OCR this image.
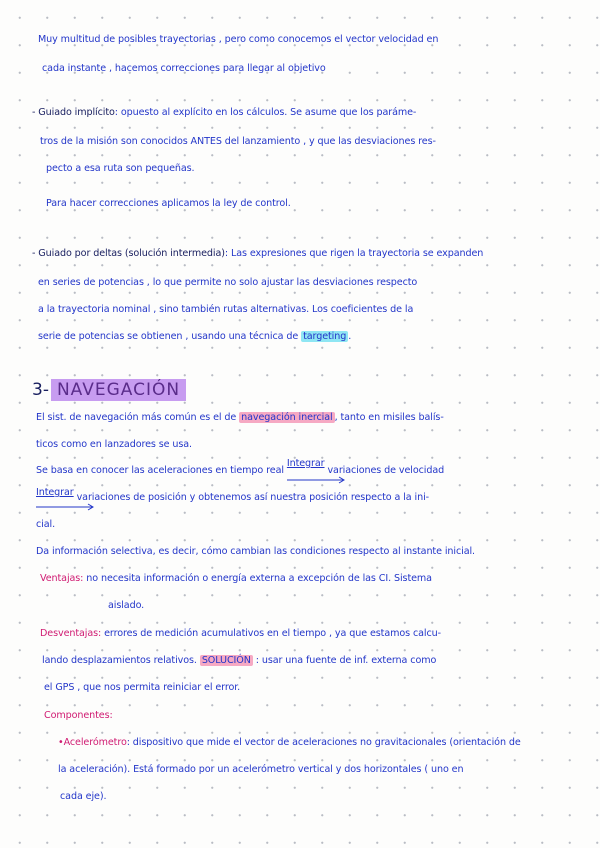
Muy multitud de posibles trayectorias , pero como conocemos el vector velocidad en
cada instante , hacemos correcciones para llegar al objetivo
- Guiado implícito: opuesto al explícito en los cálculos. Se asume que los paráme-
tros de la misión son conocidos ANTES del lanzamiento , y que las desviaciones res-
pecto a esa ruta son pequeñas.
Para hacer correcciones aplicamos la ley de control.
- Guiado por deltas (solución intermedia): Las expresiones que rigen la trayectoria se expanden
en series de potencias , lo que permite no solo ajustar las desviaciones respecto
a la trayectoria nominal , sino también rutas alternativas. Los coeficientes de la
serie de potencias se obtienen , usando una técnica de targeting .
3- NAVEGACIÓN
El sist. de navegación más común es el de navegación inercial , tanto en misiles balís-
ticos como en lanzadores se usa.
Se basa en conocer las aceleraciones en tiempo real Integrar
variaciones de velocidad
Integrar
variaciones de posición y obtenemos así nuestra posición respecto a la ini-
cial.
Da información selectiva, es decir, cómo cambian las condiciones respecto al instante inicial.
Ventajas: no necesita información o energía externa a excepción de las CI. Sistema
aislado.
Desventajas: errores de medición acumulativos en el tiempo , ya que estamos calcu-
lando desplazamientos relativos. SOLUCIÓN : usar una fuente de inf. externa como
el GPS , que nos permita reiniciar el error.
Componentes:
•Acelerómetro: dispositivo que mide el vector de aceleraciones no gravitacionales (orientación de
la aceleración). Está formado por un acelerómetro vertical y dos horizontales ( uno en
cada eje).
